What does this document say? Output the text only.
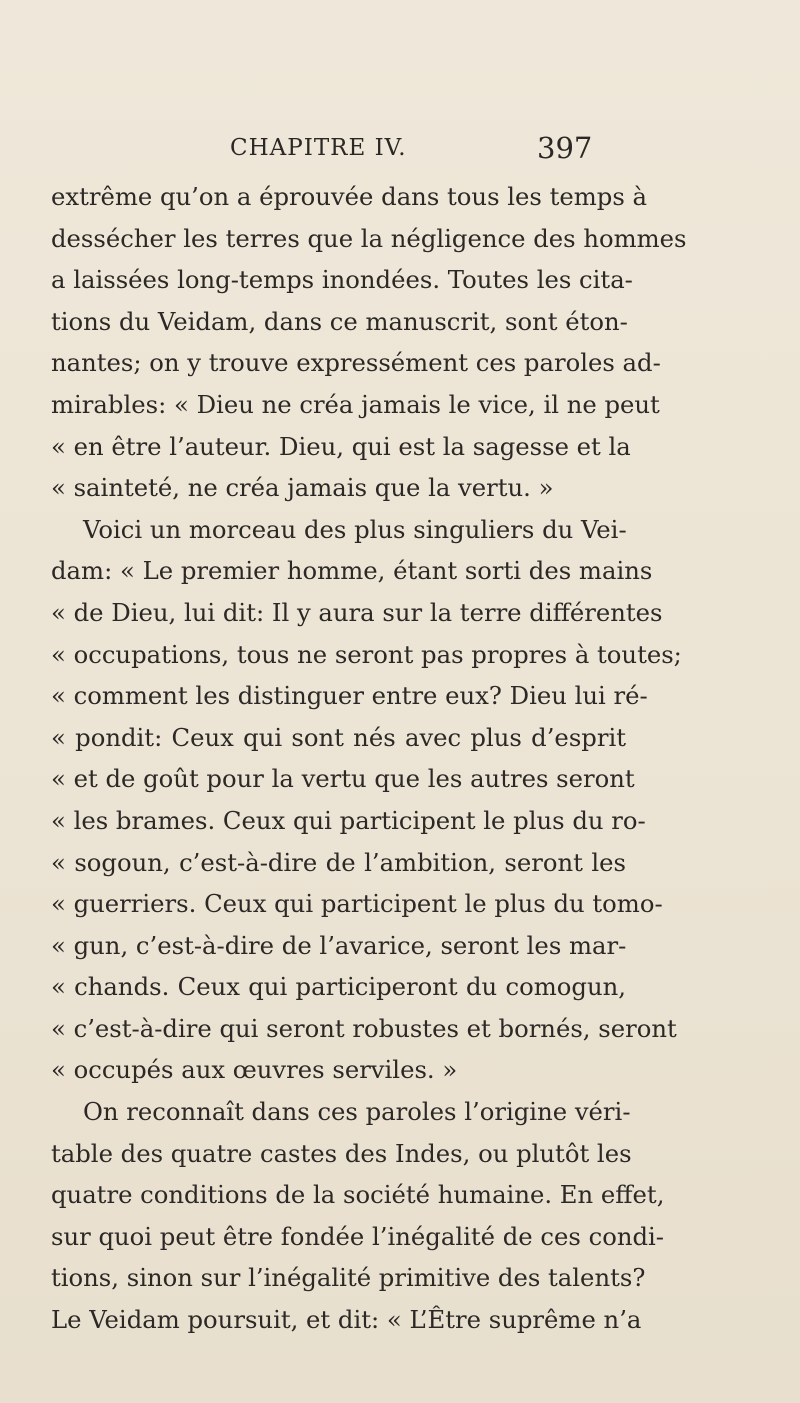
CHAPITRE IV.	397
extrême qu’on a éprouvée dans tous les temps à
dessécher les terres que la négligence des hommes
a laissées long-temps inondées. Toutes les cita-
tions du Veidam, dans ce manuscrit, sont éton-
nantes; on y trouve expressément ces paroles ad-
mirables: « Dieu ne créa jamais le vice, il ne peut
« en être l’auteur. Dieu, qui est la sagesse et la
« sainteté, ne créa jamais que la vertu. »
Voici un morceau des plus singuliers du Vei-
dam: « Le premier homme, étant sorti des mains
« de Dieu, lui dit: Il y aura sur la terre différentes
« occupations, tous ne seront pas propres à toutes;
« comment les distinguer entre eux? Dieu lui ré-
« pondit: Ceux qui sont nés avec plus d’esprit
« et de goût pour la vertu que les autres seront
« les brames. Ceux qui participent le plus du ro-
« sogoun, c’est-à-dire de l’ambition, seront les
« guerriers. Ceux qui participent le plus du tomo-
« gun, c’est-à-dire de l’avarice, seront les mar-
« chands. Ceux qui participeront du comogun,
« c’est-à-dire qui seront robustes et bornés, seront
« occupés aux œuvres serviles. »
On reconnaît dans ces paroles l’origine véri-
table des quatre castes des Indes, ou plutôt les
quatre conditions de la société humaine. En effet,
sur quoi peut être fondée l’inégalité de ces condi-
tions, sinon sur l’inégalité primitive des talents?
Le Veidam poursuit, et dit: « L’Être suprême n’a
